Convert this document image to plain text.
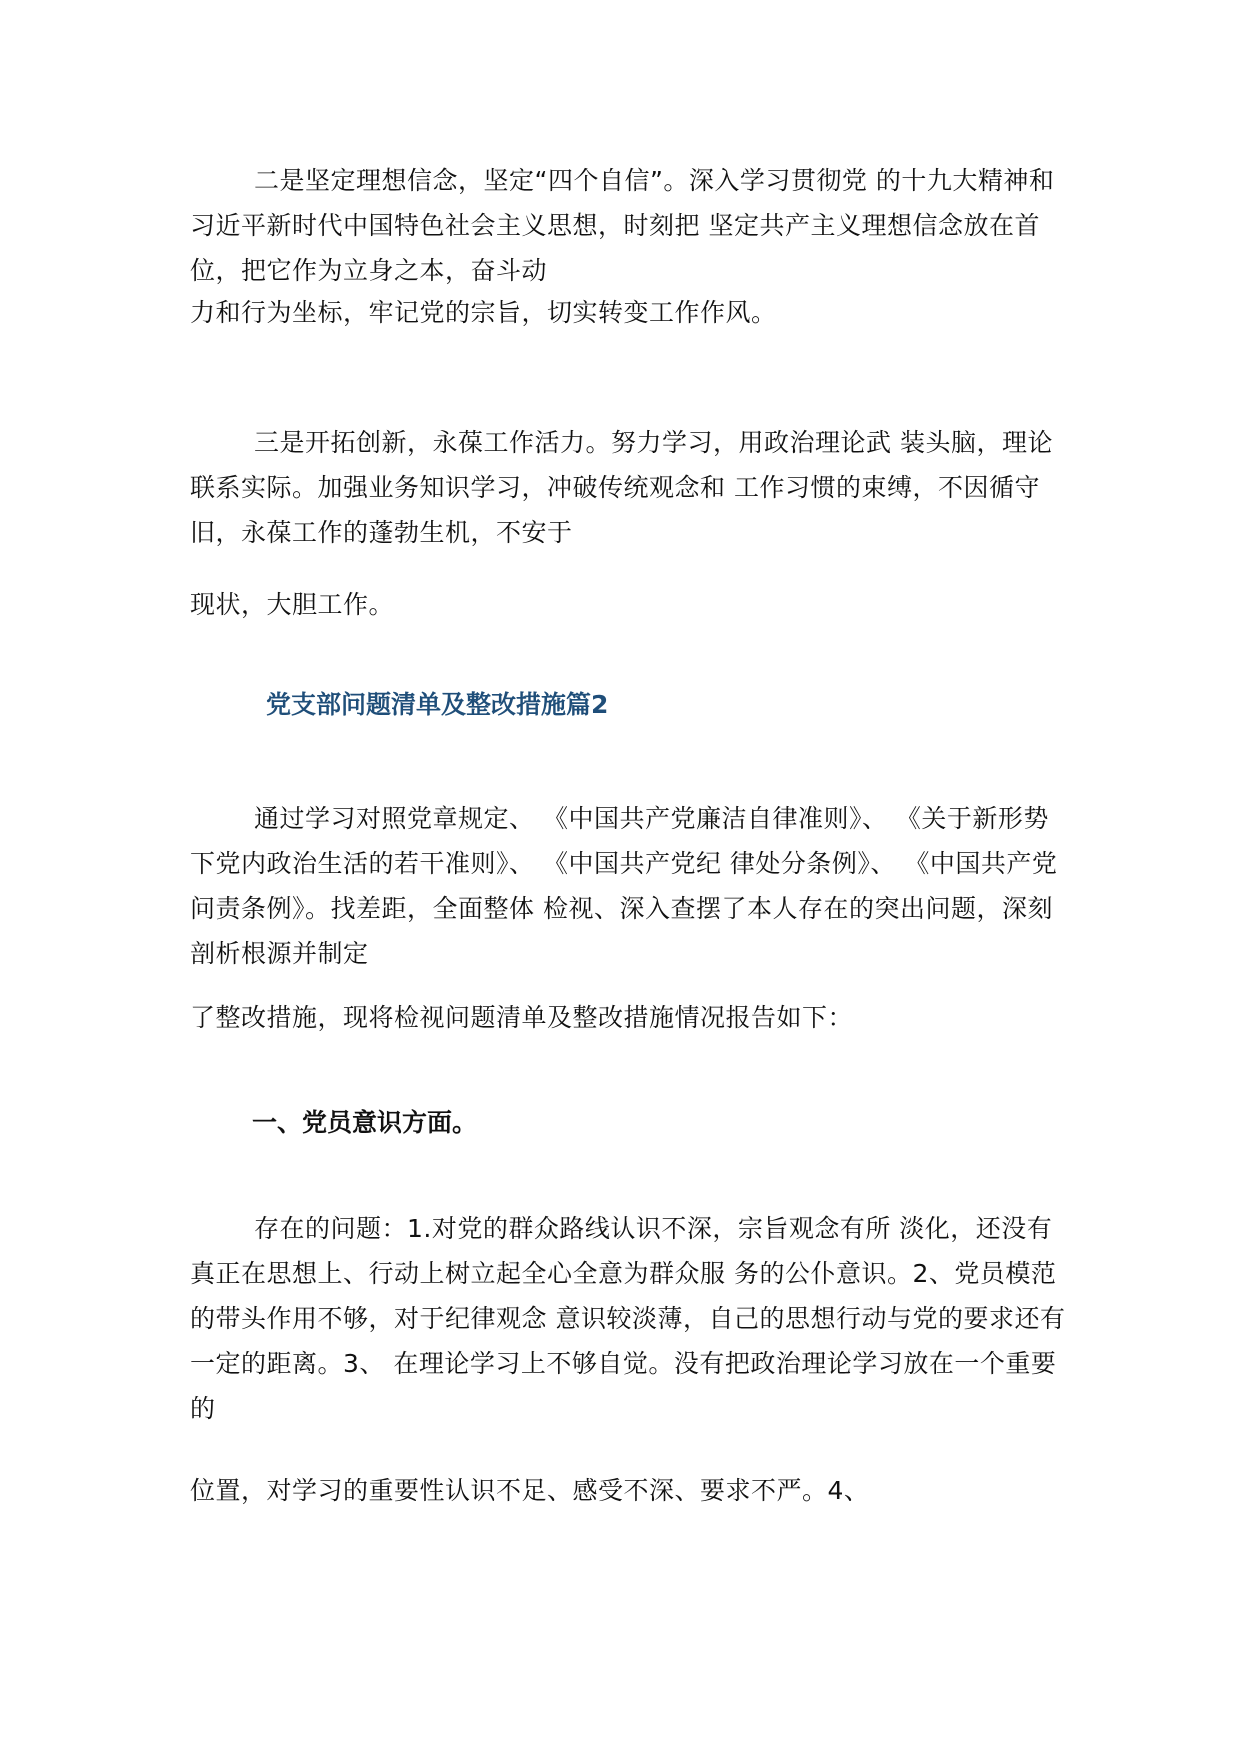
二是坚定理想信念，坚定“四个自信”。深入学习贯彻党 的十九大精神和习近平新时代中国特色社会主义思想，时刻把 坚定共产主义理想信念放在首位，把它作为立身之本，奋斗动
力和行为坐标，牢记党的宗旨，切实转变工作作风。
三是开拓创新，永葆工作活力。努力学习，用政治理论武 装头脑，理论联系实际。加强业务知识学习，冲破传统观念和 工作习惯的束缚，不因循守旧，永葆工作的蓬勃生机，不安于
现状，大胆工作。
党支部问题清单及整改措施篇2
通过学习对照党章规定、 《中国共产党廉洁自律准则》、 《关于新形势下党内政治生活的若干准则》、 《中国共产党纪 律处分条例》、 《中国共产党问责条例》。找差距，全面整体 检视、深入查摆了本人存在的突出问题，深刻剖析根源并制定
了整改措施，现将检视问题清单及整改措施情况报告如下：
一、党员意识方面。
存在的问题：1.对党的群众路线认识不深，宗旨观念有所 淡化，还没有真正在思想上、行动上树立起全心全意为群众服 务的公仆意识。2、党员模范的带头作用不够，对于纪律观念 意识较淡薄，自己的思想行动与党的要求还有一定的距离。3、 在理论学习上不够自觉。没有把政治理论学习放在一个重要的
位置，对学习的重要性认识不足、感受不深、要求不严。4、
